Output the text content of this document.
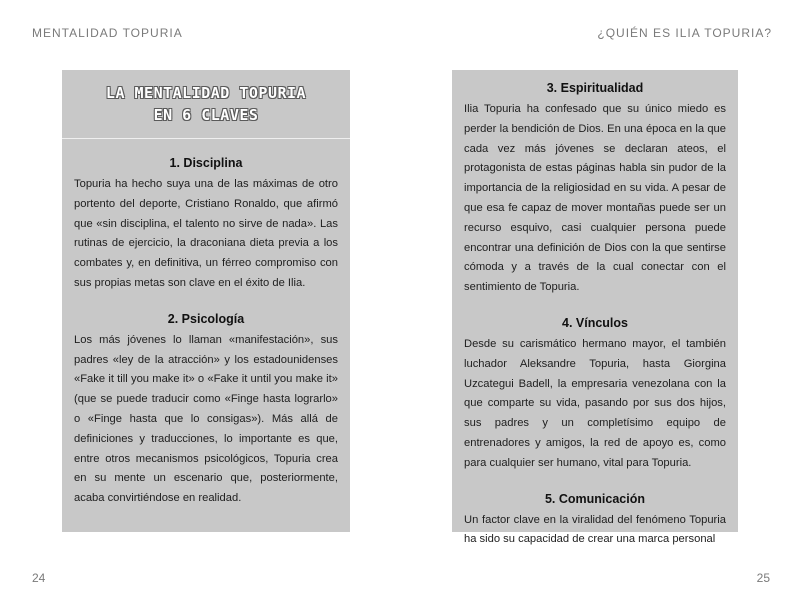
MENTALIDAD TOPURIA	¿QUIÉN ES ILIA TOPURIA?
LA MENTALIDAD TOPURIA
EN 6 CLAVES
1. Disciplina

Topuria ha hecho suya una de las máximas de otro portento del deporte, Cristiano Ronaldo, que afirmó que «sin disciplina, el talento no sirve de nada». Las rutinas de ejercicio, la draconiana dieta previa a los combates y, en definitiva, un férreo compromiso con sus propias metas son clave en el éxito de Ilia.

2. Psicología

Los más jóvenes lo llaman «manifestación», sus padres «ley de la atracción» y los estadounidenses «Fake it till you make it» o «Fake it until you make it» (que se puede traducir como «Finge hasta lograrlo» o «Finge hasta que lo consigas»). Más allá de definiciones y traducciones, lo importante es que, entre otros mecanismos psicológicos, Topuria crea en su mente un escenario que, posteriormente, acaba convirtiéndose en realidad.

3. Espiritualidad

Ilia Topuria ha confesado que su único miedo es perder la bendición de Dios. En una época en la que cada vez más jóvenes se declaran ateos, el protagonista de estas páginas habla sin pudor de la importancia de la religiosidad en su vida. A pesar de que esa fe capaz de mover montañas puede ser un recurso esquivo, casi cualquier persona puede encontrar una definición de Dios con la que sentirse cómoda y a través de la cual conectar con el sentimiento de Topuria.

4. Vínculos

Desde su carismático hermano mayor, el también luchador Aleksandre Topuria, hasta Giorgina Uzcategui Badell, la empresaria venezolana con la que comparte su vida, pasando por sus dos hijos, sus padres y un completísimo equipo de entrenadores y amigos, la red de apoyo es, como para cualquier ser humano, vital para Topuria.

5. Comunicación

Un factor clave en la viralidad del fenómeno Topuria ha sido su capacidad de crear una marca personal

24	25
